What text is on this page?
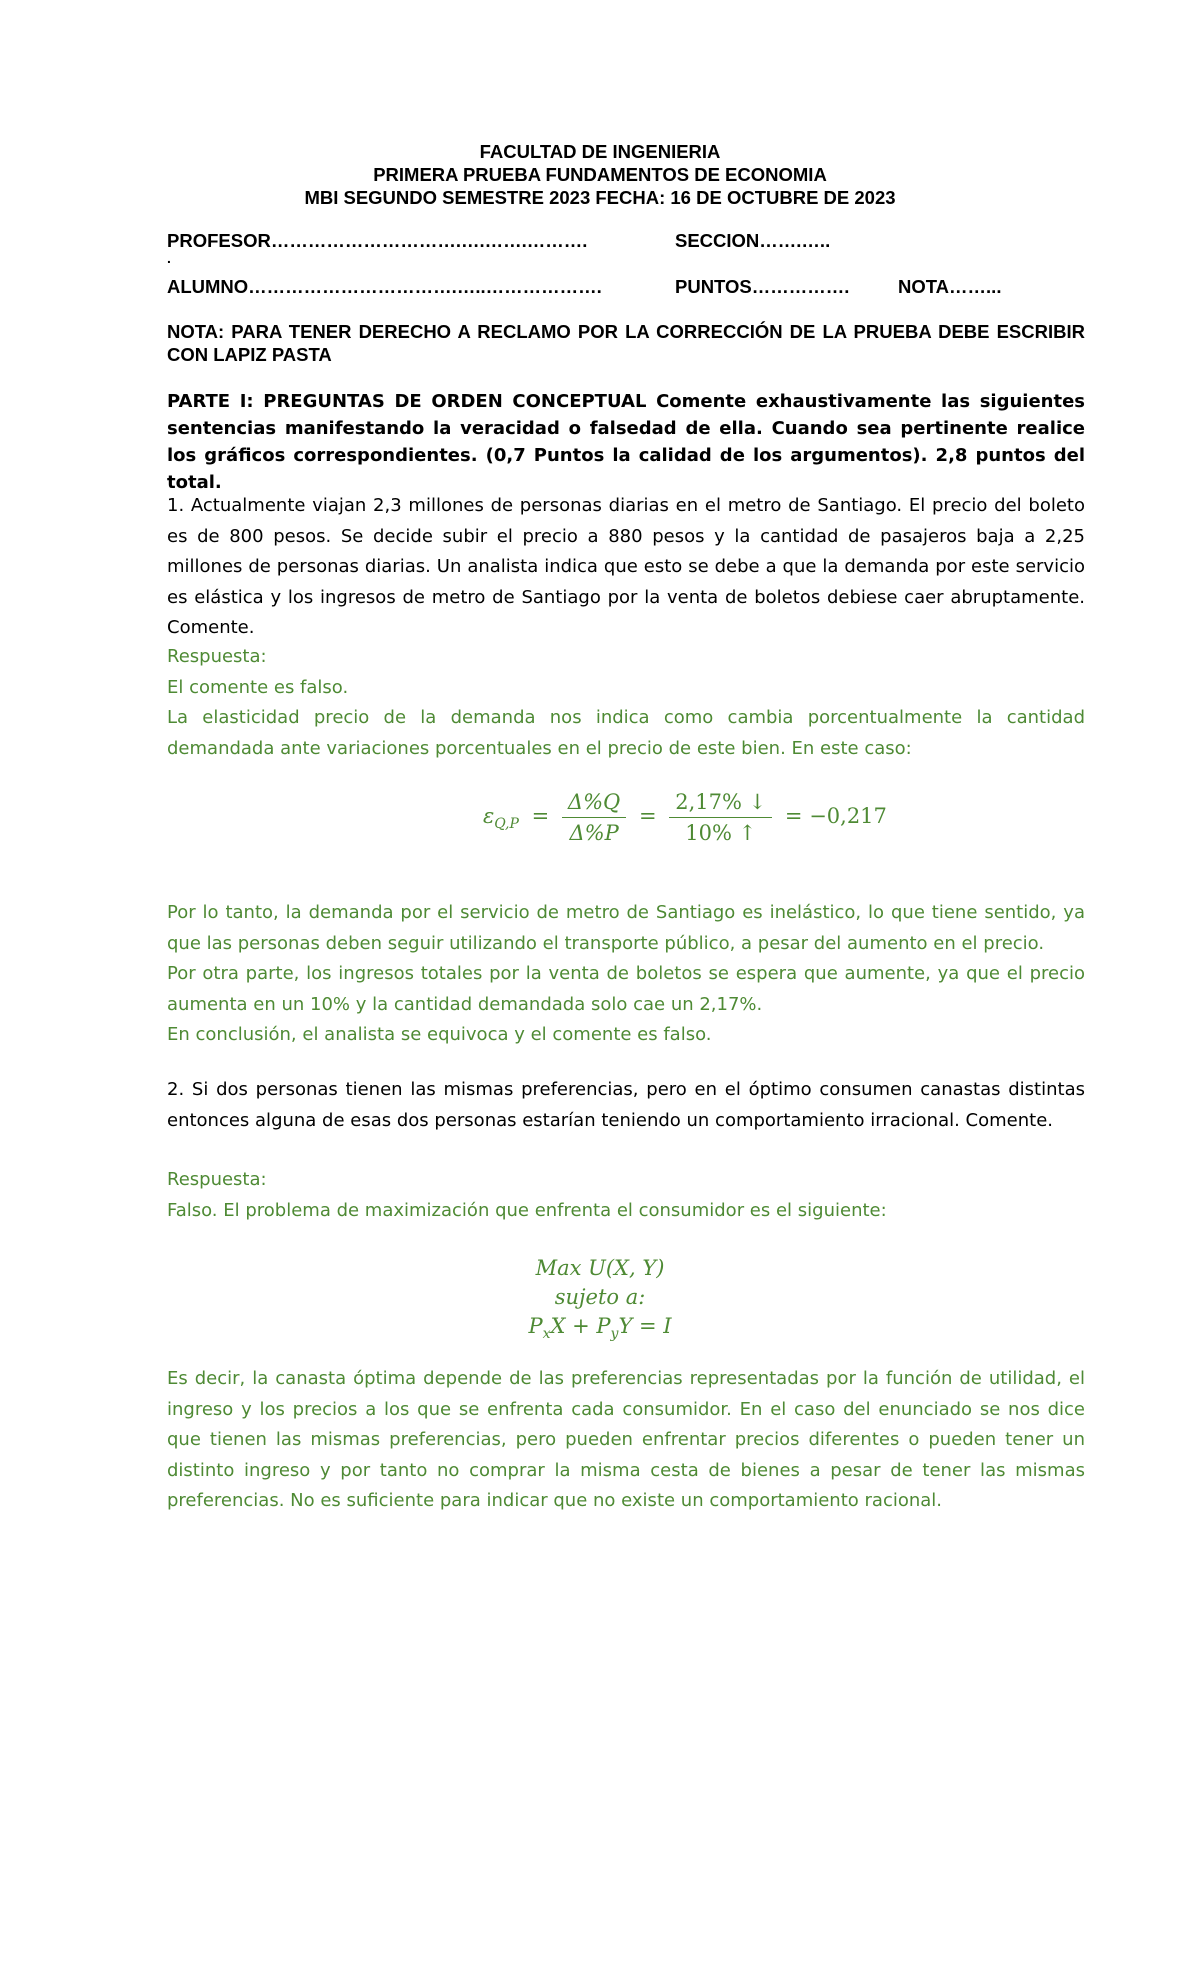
FACULTAD DE INGENIERIA
PRIMERA PRUEBA FUNDAMENTOS DE ECONOMIA
MBI SEGUNDO SEMESTRE 2023 FECHA: 16 DE OCTUBRE DE 2023
PROFESOR………………………….….…….……….	SECCION…….…..
.
ALUMNO…………………………….…..……………….	PUNTOS…………….	NOTA……...
NOTA: PARA TENER DERECHO A RECLAMO POR LA CORRECCIÓN DE LA PRUEBA DEBE ESCRIBIR CON LAPIZ PASTA
PARTE I: PREGUNTAS DE ORDEN CONCEPTUAL Comente exhaustivamente las siguientes sentencias manifestando la veracidad o falsedad de ella. Cuando sea pertinente realice los gráficos correspondientes. (0,7 Puntos la calidad de los argumentos). 2,8 puntos del total.
1. Actualmente viajan 2,3 millones de personas diarias en el metro de Santiago. El precio del boleto es de 800 pesos. Se decide subir el precio a 880 pesos y la cantidad de pasajeros baja a 2,25 millones de personas diarias. Un analista indica que esto se debe a que la demanda por este servicio es elástica y los ingresos de metro de Santiago por la venta de boletos debiese caer abruptamente. Comente.
Respuesta:
El comente es falso.
La elasticidad precio de la demanda nos indica como cambia porcentualmente la cantidad demandada ante variaciones porcentuales en el precio de este bien. En este caso:
$\varepsilon_{Q,P} = \frac{\Delta\%Q}{\Delta\%P} = \frac{2,17\% ↓}{10\% ↑} = -0,217$
Por lo tanto, la demanda por el servicio de metro de Santiago es inelástico, lo que tiene sentido, ya que las personas deben seguir utilizando el transporte público, a pesar del aumento en el precio.
Por otra parte, los ingresos totales por la venta de boletos se espera que aumente, ya que el precio aumenta en un 10% y la cantidad demandada solo cae un 2,17%.
En conclusión, el analista se equivoca y el comente es falso.
2. Si dos personas tienen las mismas preferencias, pero en el óptimo consumen canastas distintas entonces alguna de esas dos personas estarían teniendo un comportamiento irracional. Comente.
Respuesta:
Falso. El problema de maximización que enfrenta el consumidor es el siguiente:
Max U(X, Y)
sujeto a:
$P_xX + P_yY = I$
Es decir, la canasta óptima depende de las preferencias representadas por la función de utilidad, el ingreso y los precios a los que se enfrenta cada consumidor. En el caso del enunciado se nos dice que tienen las mismas preferencias, pero pueden enfrentar precios diferentes o pueden tener un distinto ingreso y por tanto no comprar la misma cesta de bienes a pesar de tener las mismas preferencias. No es suficiente para indicar que no existe un comportamiento racional.
